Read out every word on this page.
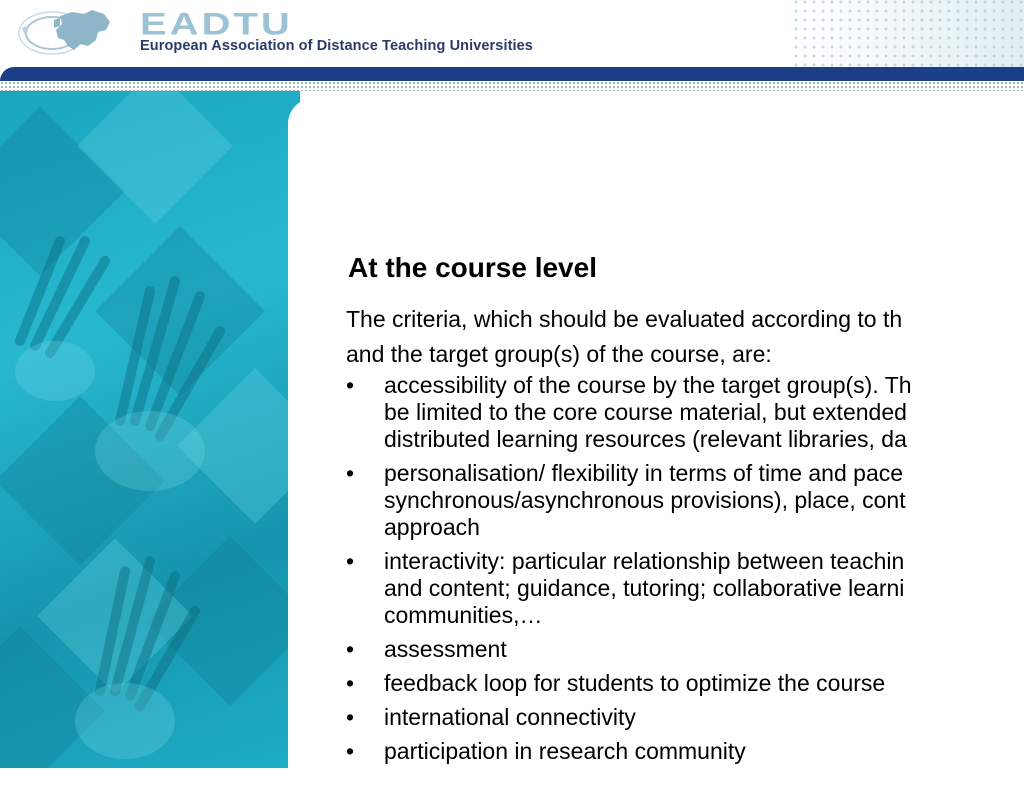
EADTU
European Association of Distance Teaching Universities
At the course level
The criteria, which should be evaluated according to th
and the target group(s) of the course, are:
• accessibility of the course by the target group(s). Th
be limited to the core course material, but extended
distributed learning resources (relevant libraries, da
• personalisation/ flexibility in terms of time and pace
synchronous/asynchronous provisions), place, cont
approach
• interactivity: particular relationship between teachin
and content; guidance, tutoring; collaborative learni
communities,…
• assessment
• feedback loop for students to optimize the course
• international connectivity
• participation in research community
